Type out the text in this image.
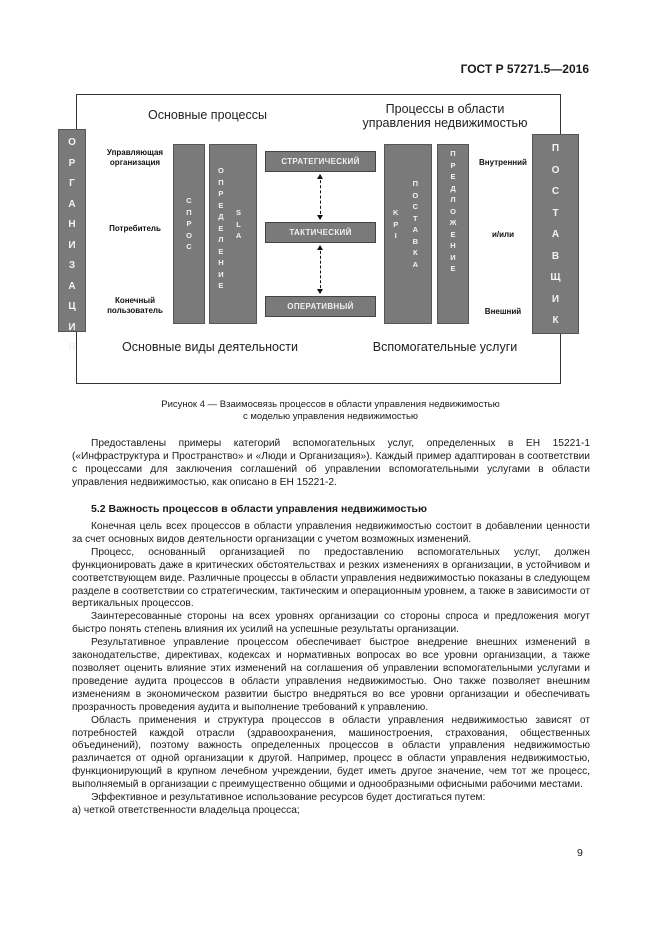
ГОСТ Р 57271.5—2016
Основные процессы	Процессы в области
управления недвижимостью
Основные виды деятельности	Вспомогательные услуги
О
Р
Г
А
Н
И
З
А
Ц
И
Я
П
О
С
Т
А
В
Щ
И
К
Управляющая
организация
Потребитель
Конечный
пользователь
С
П
Р
О
С
О
П
Р
Е
Д
Е
Л
Е
Н
И
Е
S
L
A
СТРАТЕГИЧЕСКИЙ
ТАКТИЧЕСКИЙ
ОПЕРАТИВНЫЙ
K
P
I
П
О
С
Т
А
В
К
А
П
Р
Е
Д
Л
О
Ж
Е
Н
И
Е
Внутренний
и/или
Внешний
Рисунок 4 — Взаимосвязь процессов в области управления недвижимостью
с моделью управления недвижимостью

Предоставлены примеры категорий вспомогательных услуг, определенных в ЕН 15221-1 («Инфраструктура и Пространство» и «Люди и Организация»). Каждый пример адаптирован в соответствии с процессами для заключения соглашений об управлении вспомогательными услугами в области управления недвижимостью, как описано в ЕН 15221-2.

5.2 Важность процессов в области управления недвижимостью

Конечная цель всех процессов в области управления недвижимостью состоит в добавлении ценности за счет основных видов деятельности организации с учетом возможных изменений.

Процесс, основанный организацией по предоставлению вспомогательных услуг, должен функционировать даже в критических обстоятельствах и резких изменениях в организации, в устойчивом и соответствующем виде. Различные процессы в области управления недвижимостью показаны в следующем разделе в соответствии со стратегическим, тактическим и операционным уровнем, а также в зависимости от вертикальных процессов.

Заинтересованные стороны на всех уровнях организации со стороны спроса и предложения могут быстро понять степень влияния их усилий на успешные результаты организации.

Результативное управление процессом обеспечивает быстрое внедрение внешних изменений в законодательстве, директивах, кодексах и нормативных вопросах во все уровни организации, а также позволяет оценить влияние этих изменений на соглашения об управлении вспомогательными услугами и проведение аудита процессов в области управления недвижимостью. Оно также позволяет внешним изменениям в экономическом развитии быстро внедряться во все уровни организации и обеспечивать прозрачность проведения аудита и выполнение требований к управлению.

Область применения и структура процессов в области управления недвижимостью зависят от потребностей каждой отрасли (здравоохранения, машиностроения, страхования, общественных объединений), поэтому важность определенных процессов в области управления недвижимостью различается от одной организации к другой. Например, процесс в области управления недвижимостью, функционирующий в крупном лечебном учреждении, будет иметь другое значение, чем тот же процесс, выполняемый в организации с преимущественно общими и однообразными офисными рабочими местами.

Эффективное и результативное использование ресурсов будет достигаться путем:

а) четкой ответственности владельца процесса;

9
